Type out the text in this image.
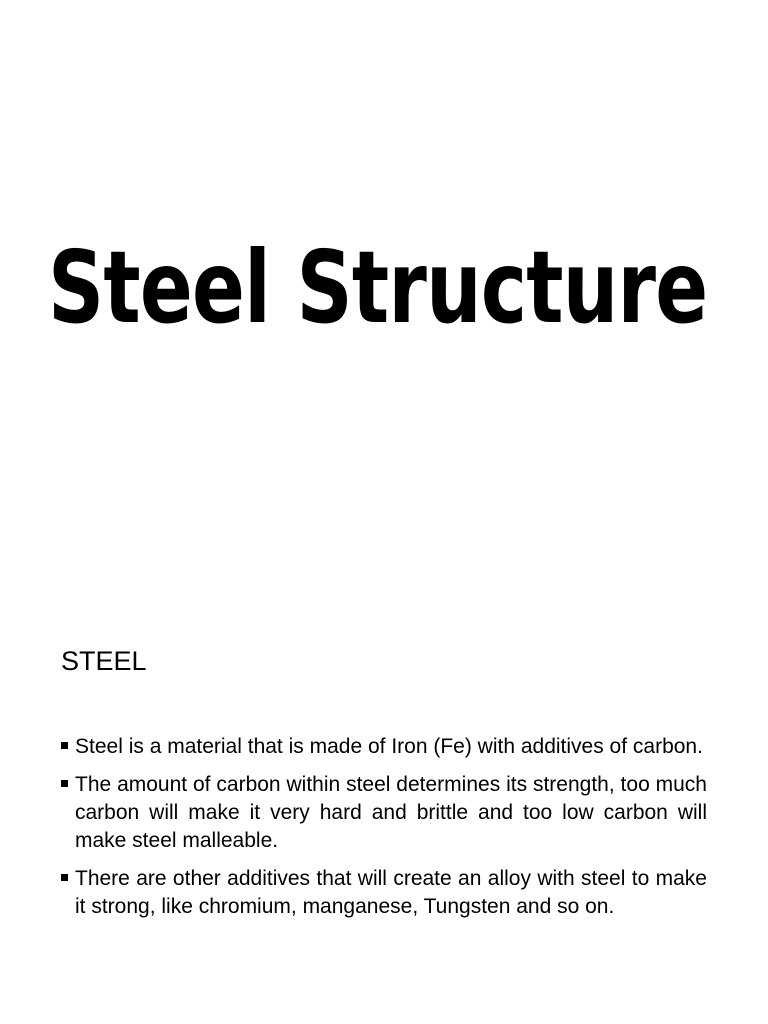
Steel Structure
STEEL
Steel is a material that is made of Iron (Fe) with additives of carbon.
The amount of carbon within steel determines its strength, too much carbon will make it very hard and brittle and too low carbon will make steel malleable.
There are other additives that will create an alloy with steel to make it strong, like chromium, manganese, Tungsten and so on.
